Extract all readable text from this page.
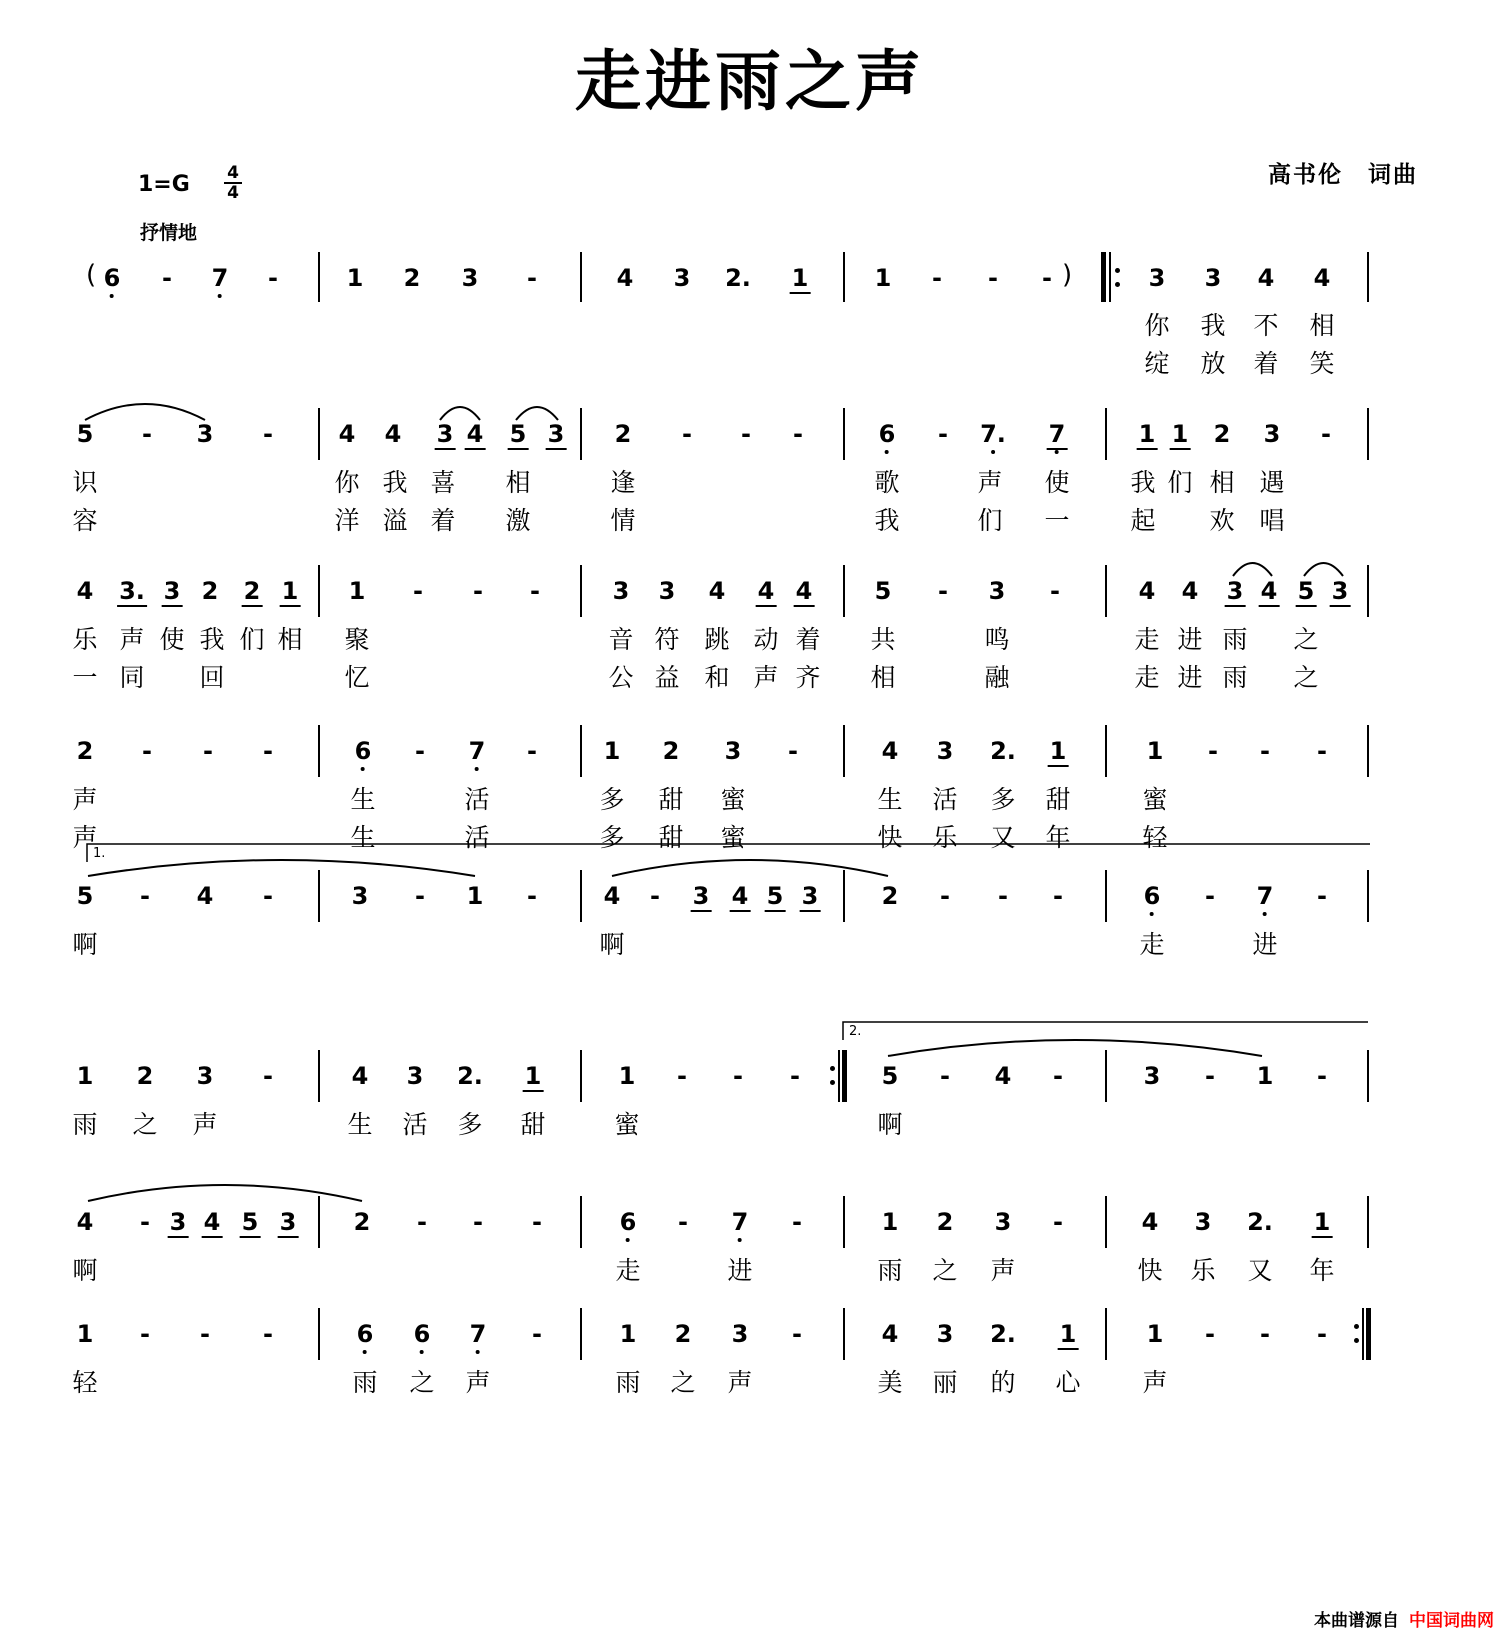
走进雨之声
高书伦　词曲
1=G 4
4
抒情地
6 - 7 -	1 2 3 -	4 3 2. 1	1 - - -	3 3 4 4
你 我 不 相
绽 放 着 笑
(	)
5 - 3 -	4 4 3 4 5 3 2 - - -	6 - 7. 7	1 1 2 3 -
识	你 我 喜 相	逢	歌	声 使 我 们 相 遇
容	洋 溢 着 激	情	我	们 一 起 欢 唱
4 3. 3 2 2 1 1 - - -	3 3 4 4 4	5 - 3 -	4 4 3 4 5 3
乐 声 使 我 们 相 聚	音 符 跳 动 着 共	鸣	走 进 雨 之
一 同 回	忆	公 益 和 声 齐 相	融	走 进 雨 之
2 - - -	6 - 7 -	1 2 3 -	4 3 2. 1	1 - - -
声	生	活	多 甜 蜜	生 活 多 甜	蜜
声	生	活	多 甜 蜜	快 乐 又 年	轻
5 - 4 -	3 - 1 -	4 - 3 4 5 3	2 - - -	6 - 7 -
啊	啊	走	进
1.
1 2 3 -	4 3 2. 1	1 - - -	5 - 4 -	3 - 1 -
雨 之 声	生 活 多 甜	蜜	啊
2.
4 - 3 4 5 3 2 - - -	6 - 7 -	1 2 3 -	4 3 2. 1
啊	走	进	雨 之 声	快 乐 又 年
1 - - -	6 6 7 -	1 2 3 -	4 3 2. 1	1 - - -
轻	雨 之 声	雨 之 声	美 丽 的 心 声
本曲谱源自 中国词曲网
